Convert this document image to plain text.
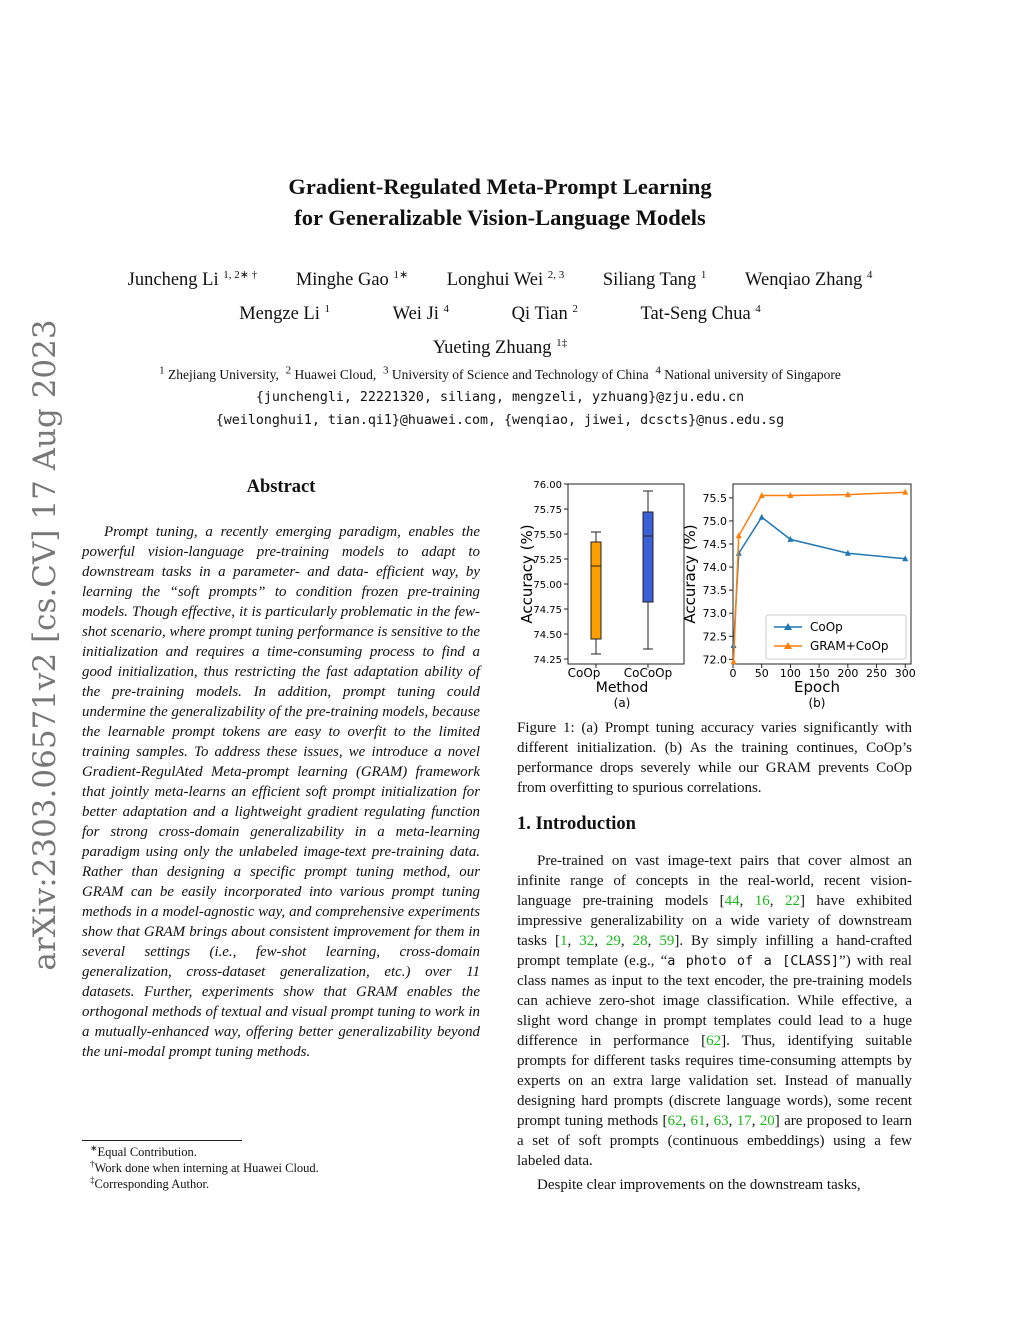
arXiv:2303.06571v2 [cs.CV] 17 Aug 2023
Gradient-Regulated Meta-Prompt Learning
for Generalizable Vision-Language Models
Juncheng Li $^{1, 2∗ \dagger}$ Minghe Gao $^{1∗}$ Longhui Wei $^{2, 3}$ Siliang Tang $^1$ Wenqiao Zhang $^4$
Mengze Li $^1$	Wei Ji $^4$	Qi Tian $^2$	Tat-Seng Chua $^4$
Yueting Zhuang $^{1\ddagger}$
$^1$ Zhejiang University, $^2$ Huawei Cloud, $^3$ University of Science and Technology of China $^4$ National university of Singapore
{junchengli, 22221320, siliang, mengzeli, yzhuang}@zju.edu.cn
{weilonghui1, tian.qi1}@huawei.com, {wenqiao, jiwei, dcscts}@nus.edu.sg
Abstract
Prompt tuning, a recently emerging paradigm, enables the powerful vision-language pre-training models to adapt to downstream tasks in a parameter- and data- efficient way, by learning the “soft prompts” to condition frozen pre-training models. Though effective, it is particularly problematic in the few-shot scenario, where prompt tuning performance is sensitive to the initialization and requires a time-consuming process to find a good initialization, thus restricting the fast adaptation ability of the pre-training models. In addition, prompt tuning could undermine the generalizability of the pre-training models, because the learnable prompt tokens are easy to overfit to the limited training samples. To address these issues, we introduce a novel Gradient-RegulAted Meta-prompt learning (GRAM) framework that jointly meta-learns an efficient soft prompt initialization for better adaptation and a lightweight gradient regulating function for strong cross-domain generalizability in a meta-learning paradigm using only the unlabeled image-text pre-training data. Rather than designing a specific prompt tuning method, our GRAM can be easily incorporated into various prompt tuning methods in a model-agnostic way, and comprehensive experiments show that GRAM brings about consistent improvement for them in several settings (i.e., few-shot learning, cross-domain generalization, cross-dataset generalization, etc.) over 11 datasets. Further, experiments show that GRAM enables the orthogonal methods of textual and visual prompt tuning to work in a mutually-enhanced way, offering better generalizability beyond the uni-modal prompt tuning methods.
∗Equal Contribution.
†Work done when interning at Huawei Cloud.
‡Corresponding Author.
76.00
75.75
75.50
75.25
75.00
74.75
74.50
74.25
CoOp CoCoOp
Method
(a)
Accuracy (%)
75.5
75.0
74.5
74.0
73.5
73.0
72.5
72.0
0 50 100 150 200 250 300
Epoch
(b)
Accuracy (%)
CoOp
GRAM+CoOp
Figure 1: (a) Prompt tuning accuracy varies significantly with different initialization. (b) As the training continues, CoOp’s performance drops severely while our GRAM prevents CoOp from overfitting to spurious correlations.
1. Introduction

Pre-trained on vast image-text pairs that cover almost an infinite range of concepts in the real-world, recent vision-language pre-training models [44, 16, 22] have exhibited impressive generalizability on a wide variety of downstream tasks [1, 32, 29, 28, 59]. By simply infilling a hand-crafted prompt template (e.g., “a photo of a [CLASS]”) with real class names as input to the text encoder, the pre-training models can achieve zero-shot image classification. While effective, a slight word change in prompt templates could lead to a huge difference in performance [62]. Thus, identifying suitable prompts for different tasks requires time-consuming attempts by experts on an extra large validation set. Instead of manually designing hard prompts (discrete language words), some recent prompt tuning methods [62, 61, 63, 17, 20] are proposed to learn a set of soft prompts (continuous embeddings) using a few labeled data.

Despite clear improvements on the downstream tasks,
